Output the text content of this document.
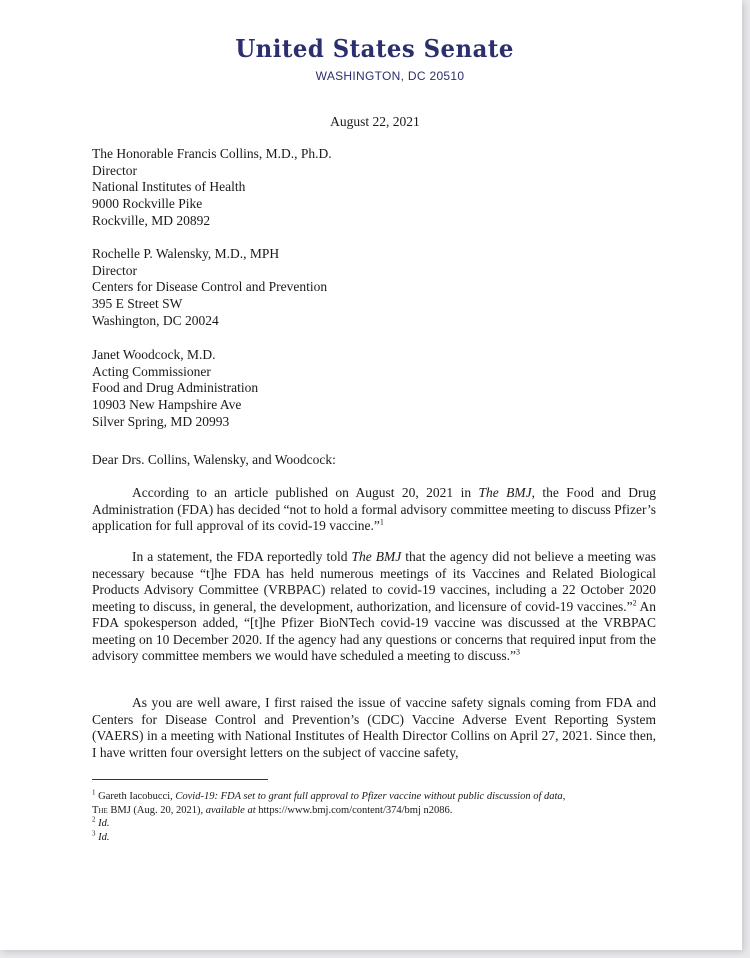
United States Senate
WASHINGTON, DC 20510
August 22, 2021
The Honorable Francis Collins, M.D., Ph.D.
Director
National Institutes of Health
9000 Rockville Pike
Rockville, MD 20892
Rochelle P. Walensky, M.D., MPH
Director
Centers for Disease Control and Prevention
395 E Street SW
Washington, DC 20024
Janet Woodcock, M.D.
Acting Commissioner
Food and Drug Administration
10903 New Hampshire Ave
Silver Spring, MD 20993
Dear Drs. Collins, Walensky, and Woodcock:

According to an article published on August 20, 2021 in The BMJ, the Food and Drug Administration (FDA) has decided “not to hold a formal advisory committee meeting to discuss Pfizer’s application for full approval of its covid-19 vaccine.”$^1$

In a statement, the FDA reportedly told The BMJ that the agency did not believe a meeting was necessary because “t]he FDA has held numerous meetings of its Vaccines and Related Biological Products Advisory Committee (VRBPAC) related to covid-19 vaccines, including a 22 October 2020 meeting to discuss, in general, the development, authorization, and licensure of covid-19 vaccines.”$^2$ An FDA spokesperson added, “[t]he Pfizer BioNTech covid-19 vaccine was discussed at the VRBPAC meeting on 10 December 2020. If the agency had any questions or concerns that required input from the advisory committee members we would have scheduled a meeting to discuss.”$^3$

As you are well aware, I first raised the issue of vaccine safety signals coming from FDA and Centers for Disease Control and Prevention’s (CDC) Vaccine Adverse Event Reporting System (VAERS) in a meeting with National Institutes of Health Director Collins on April 27, 2021. Since then, I have written four oversight letters on the subject of vaccine safety,

$^1$ Gareth Iacobucci, Covid-19: FDA set to grant full approval to Pfizer vaccine without public discussion of data,
The BMJ (Aug. 20, 2021), available at https://www.bmj.com/content/374/bmj n2086.
$^2$ Id.
$^3$ Id.
